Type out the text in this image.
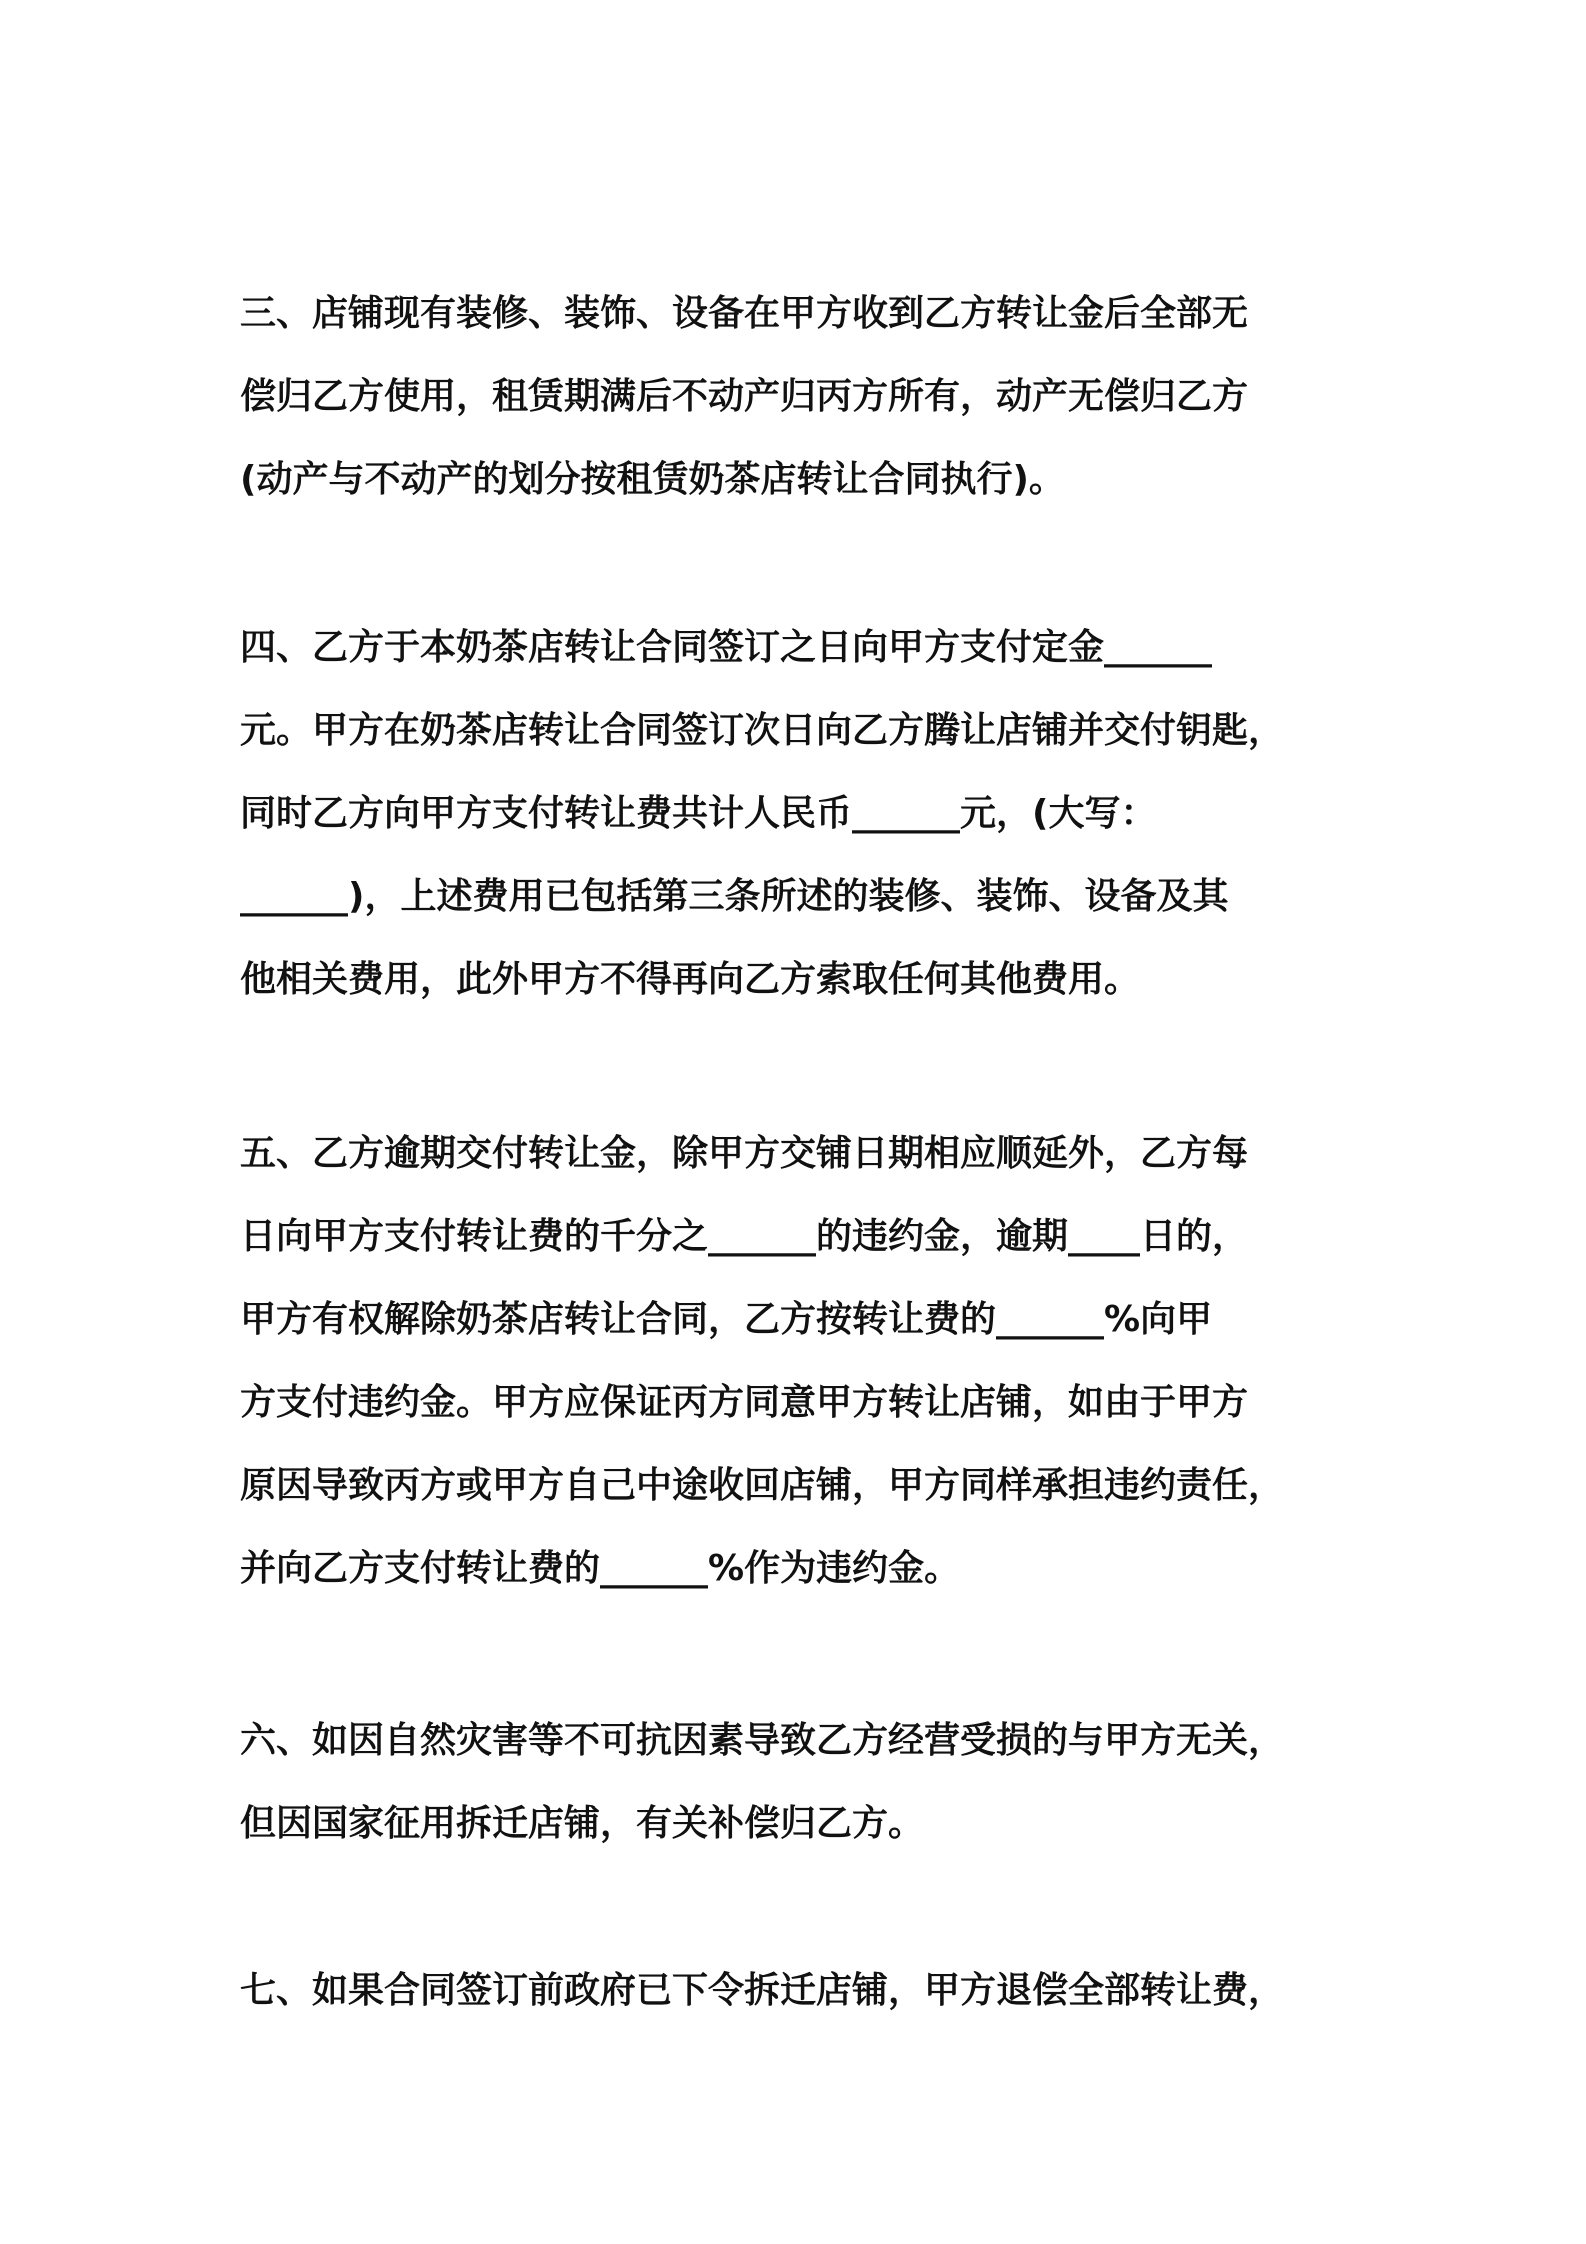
三、店铺现有装修、装饰、设备在甲方收到乙方转让金后全部无
偿归乙方使用，租赁期满后不动产归丙方所有，动产无偿归乙方
(动产与不动产的划分按租赁奶茶店转让合同执行)。
四、乙方于本奶茶店转让合同签订之日向甲方支付定金______
元。甲方在奶茶店转让合同签订次日向乙方腾让店铺并交付钥匙，
同时乙方向甲方支付转让费共计人民币______元，(大写：
______)，上述费用已包括第三条所述的装修、装饰、设备及其
他相关费用，此外甲方不得再向乙方索取任何其他费用。
五、乙方逾期交付转让金，除甲方交铺日期相应顺延外，乙方每
日向甲方支付转让费的千分之______的违约金，逾期____日的，
甲方有权解除奶茶店转让合同，乙方按转让费的______%向甲
方支付违约金。甲方应保证丙方同意甲方转让店铺，如由于甲方
原因导致丙方或甲方自己中途收回店铺，甲方同样承担违约责任，
并向乙方支付转让费的______%作为违约金。
六、如因自然灾害等不可抗因素导致乙方经营受损的与甲方无关，
但因国家征用拆迁店铺，有关补偿归乙方。
七、如果合同签订前政府已下令拆迁店铺，甲方退偿全部转让费，
